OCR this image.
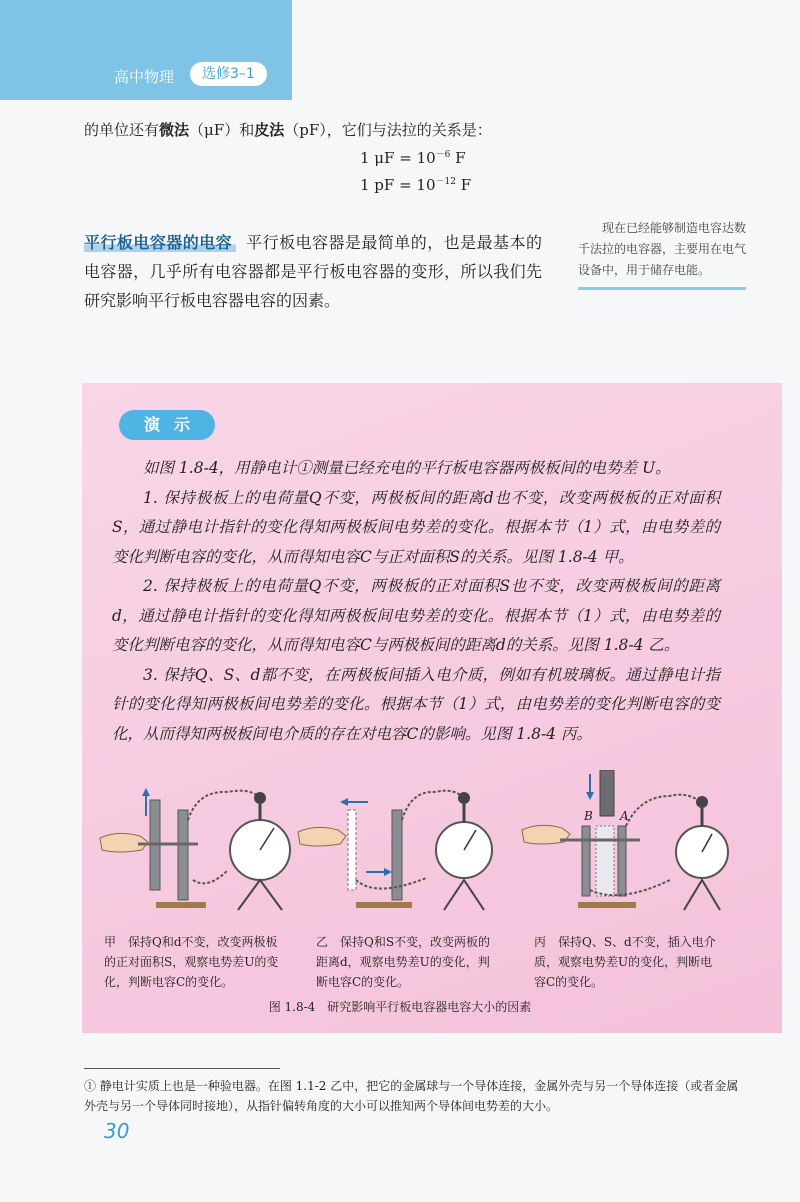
高中物理	选修3–1
的单位还有微法（μF）和皮法（pF），它们与法拉的关系是：
1 $\mu F = 10^{-6}$ F
1 pF = $10^{-12}$ F
平行板电容器的电容 平行板电容器是最简单的，也是最基本的电容器，几乎所有电容器都是平行板电容器的变形，所以我们先研究影响平行板电容器电容的因素。
现在已经能够制造电容达数千法拉的电容器，主要用在电气设备中，用于储存电能。
演示

如图 1.8-4，用静电计①测量已经充电的平行板电容器两极板间的电势差 U。

1. 保持极板上的电荷量Q不变，两极板间的距离d也不变，改变两极板的正对面积S，通过静电计指针的变化得知两极板间电势差的变化。根据本节（1）式，由电势差的变化判断电容的变化，从而得知电容C与正对面积S的关系。见图 1.8-4 甲。

2. 保持极板上的电荷量Q不变，两极板的正对面积S也不变，改变两极板间的距离d，通过静电计指针的变化得知两极板间电势差的变化。根据本节（1）式，由电势差的变化判断电容的变化，从而得知电容C与两极板间的距离d的关系。见图 1.8-4 乙。

3. 保持Q、S、d都不变，在两极板间插入电介质，例如有机玻璃板。通过静电计指针的变化得知两极板间电势差的变化。根据本节（1）式，由电势差的变化判断电容的变化，从而得知两极板间电介质的存在对电容C的影响。见图 1.8-4 丙。

B A
甲　保持Q和d不变，改变两极板的正对面积S，观察电势差U的变化，判断电容C的变化。
乙　保持Q和S不变，改变两板的距离d，观察电势差U的变化，判断电容C的变化。
丙　保持Q、S、d不变，插入电介质，观察电势差U的变化，判断电容C的变化。
图 1.8-4　研究影响平行板电容器电容大小的因素
① 静电计实质上也是一种验电器。在图 1.1-2 乙中，把它的金属球与一个导体连接，金属外壳与另一个导体连接（或者金属外壳与另一个导体同时接地），从指针偏转角度的大小可以推知两个导体间电势差的大小。
30
